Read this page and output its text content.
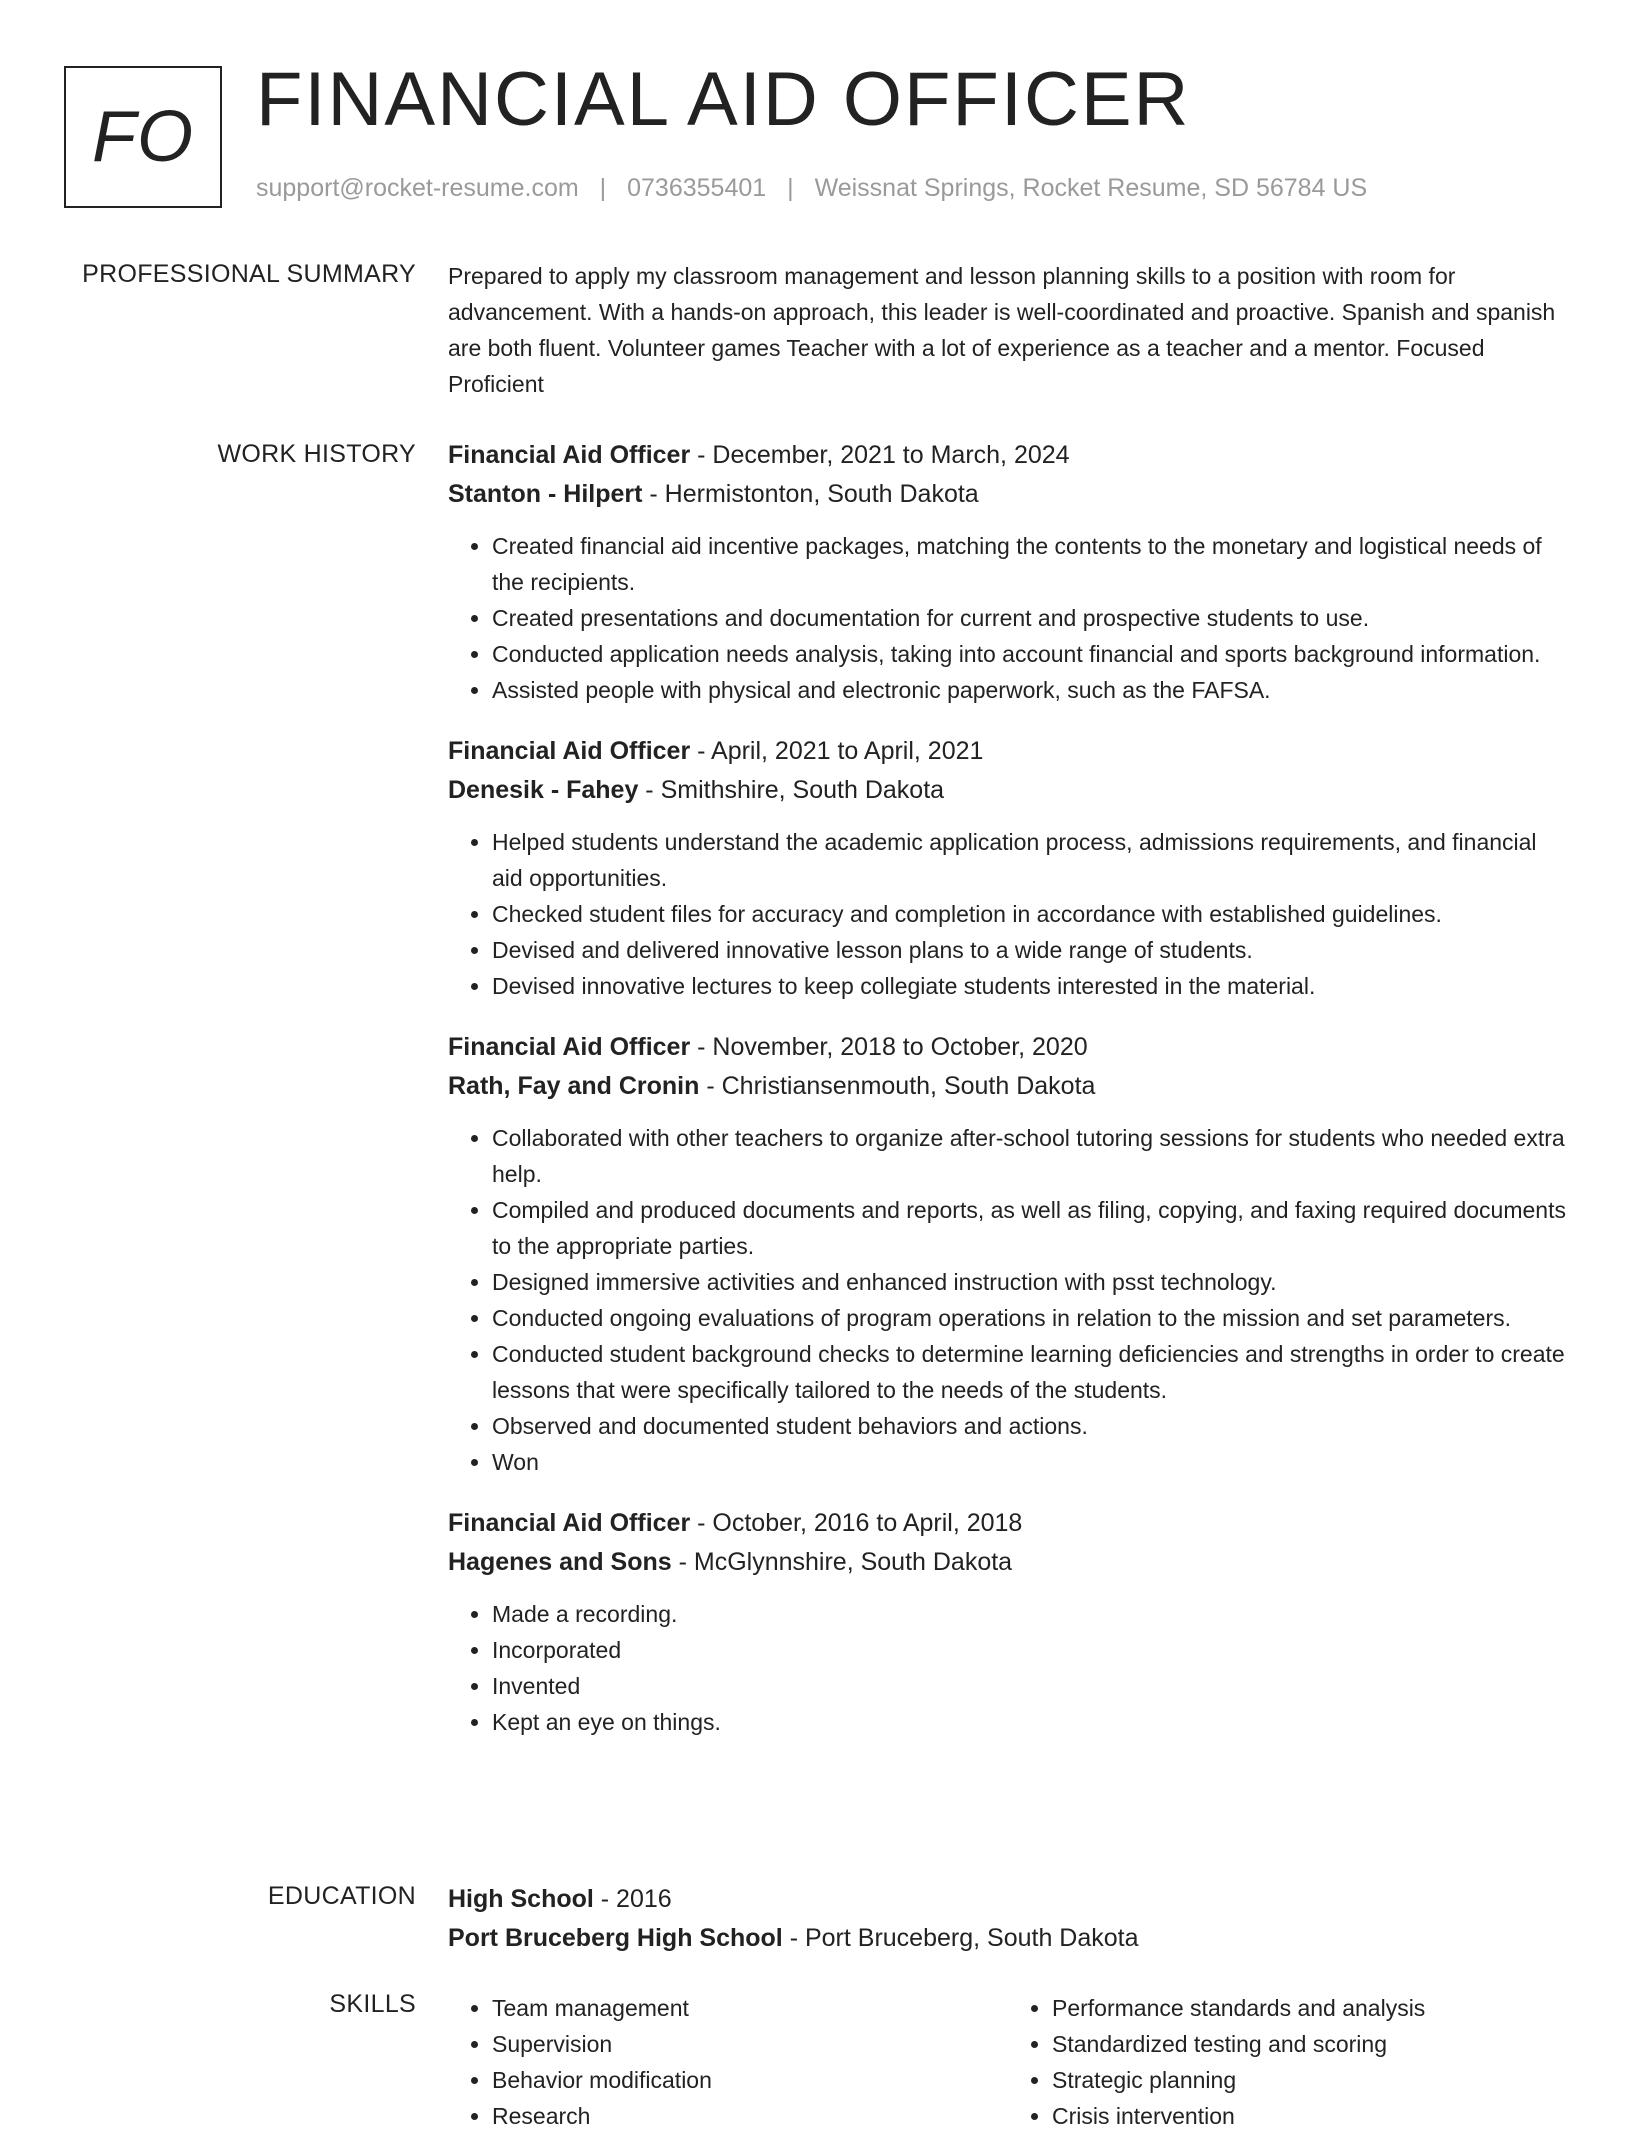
FO FINANCIAL AID OFFICER
support@rocket-resume.com | 0736355401 | Weissnat Springs, Rocket Resume, SD 56784 US
PROFESSIONAL SUMMARY Prepared to apply my classroom management and lesson planning skills to a position with room for advancement. With a hands-on approach, this leader is well-coordinated and proactive. Spanish and spanish are both fluent. Volunteer games Teacher with a lot of experience as a teacher and a mentor. Focused Proficient

WORK HISTORY Financial Aid Officer - December, 2021 to March, 2024
Stanton - Hilpert - Hermistonton, South Dakota
• Created financial aid incentive packages, matching the contents to the monetary and logistical needs of the recipients.
• Created presentations and documentation for current and prospective students to use.
• Conducted application needs analysis, taking into account financial and sports background information.
• Assisted people with physical and electronic paperwork, such as the FAFSA.
Financial Aid Officer - April, 2021 to April, 2021
Denesik - Fahey - Smithshire, South Dakota
• Helped students understand the academic application process, admissions requirements, and financial aid opportunities.
• Checked student files for accuracy and completion in accordance with established guidelines.
• Devised and delivered innovative lesson plans to a wide range of students.
• Devised innovative lectures to keep collegiate students interested in the material.
Financial Aid Officer - November, 2018 to October, 2020
Rath, Fay and Cronin - Christiansenmouth, South Dakota
• Collaborated with other teachers to organize after-school tutoring sessions for students who needed extra help.
• Compiled and produced documents and reports, as well as filing, copying, and faxing required documents to the appropriate parties.
• Designed immersive activities and enhanced instruction with psst technology.
• Conducted ongoing evaluations of program operations in relation to the mission and set parameters.
• Conducted student background checks to determine learning deficiencies and strengths in order to create lessons that were specifically tailored to the needs of the students.
• Observed and documented student behaviors and actions.
• Won
Financial Aid Officer - October, 2016 to April, 2018
Hagenes and Sons - McGlynnshire, South Dakota
• Made a recording.
• Incorporated
• Invented
• Kept an eye on things.
EDUCATION High School - 2016
Port Bruceberg High School - Port Bruceberg, South Dakota
SKILLS
•	Team management
• Supervision
• Behavior modification
• Research
• Performance standards and analysis
• Standardized testing and scoring
• Strategic planning
• Crisis intervention
